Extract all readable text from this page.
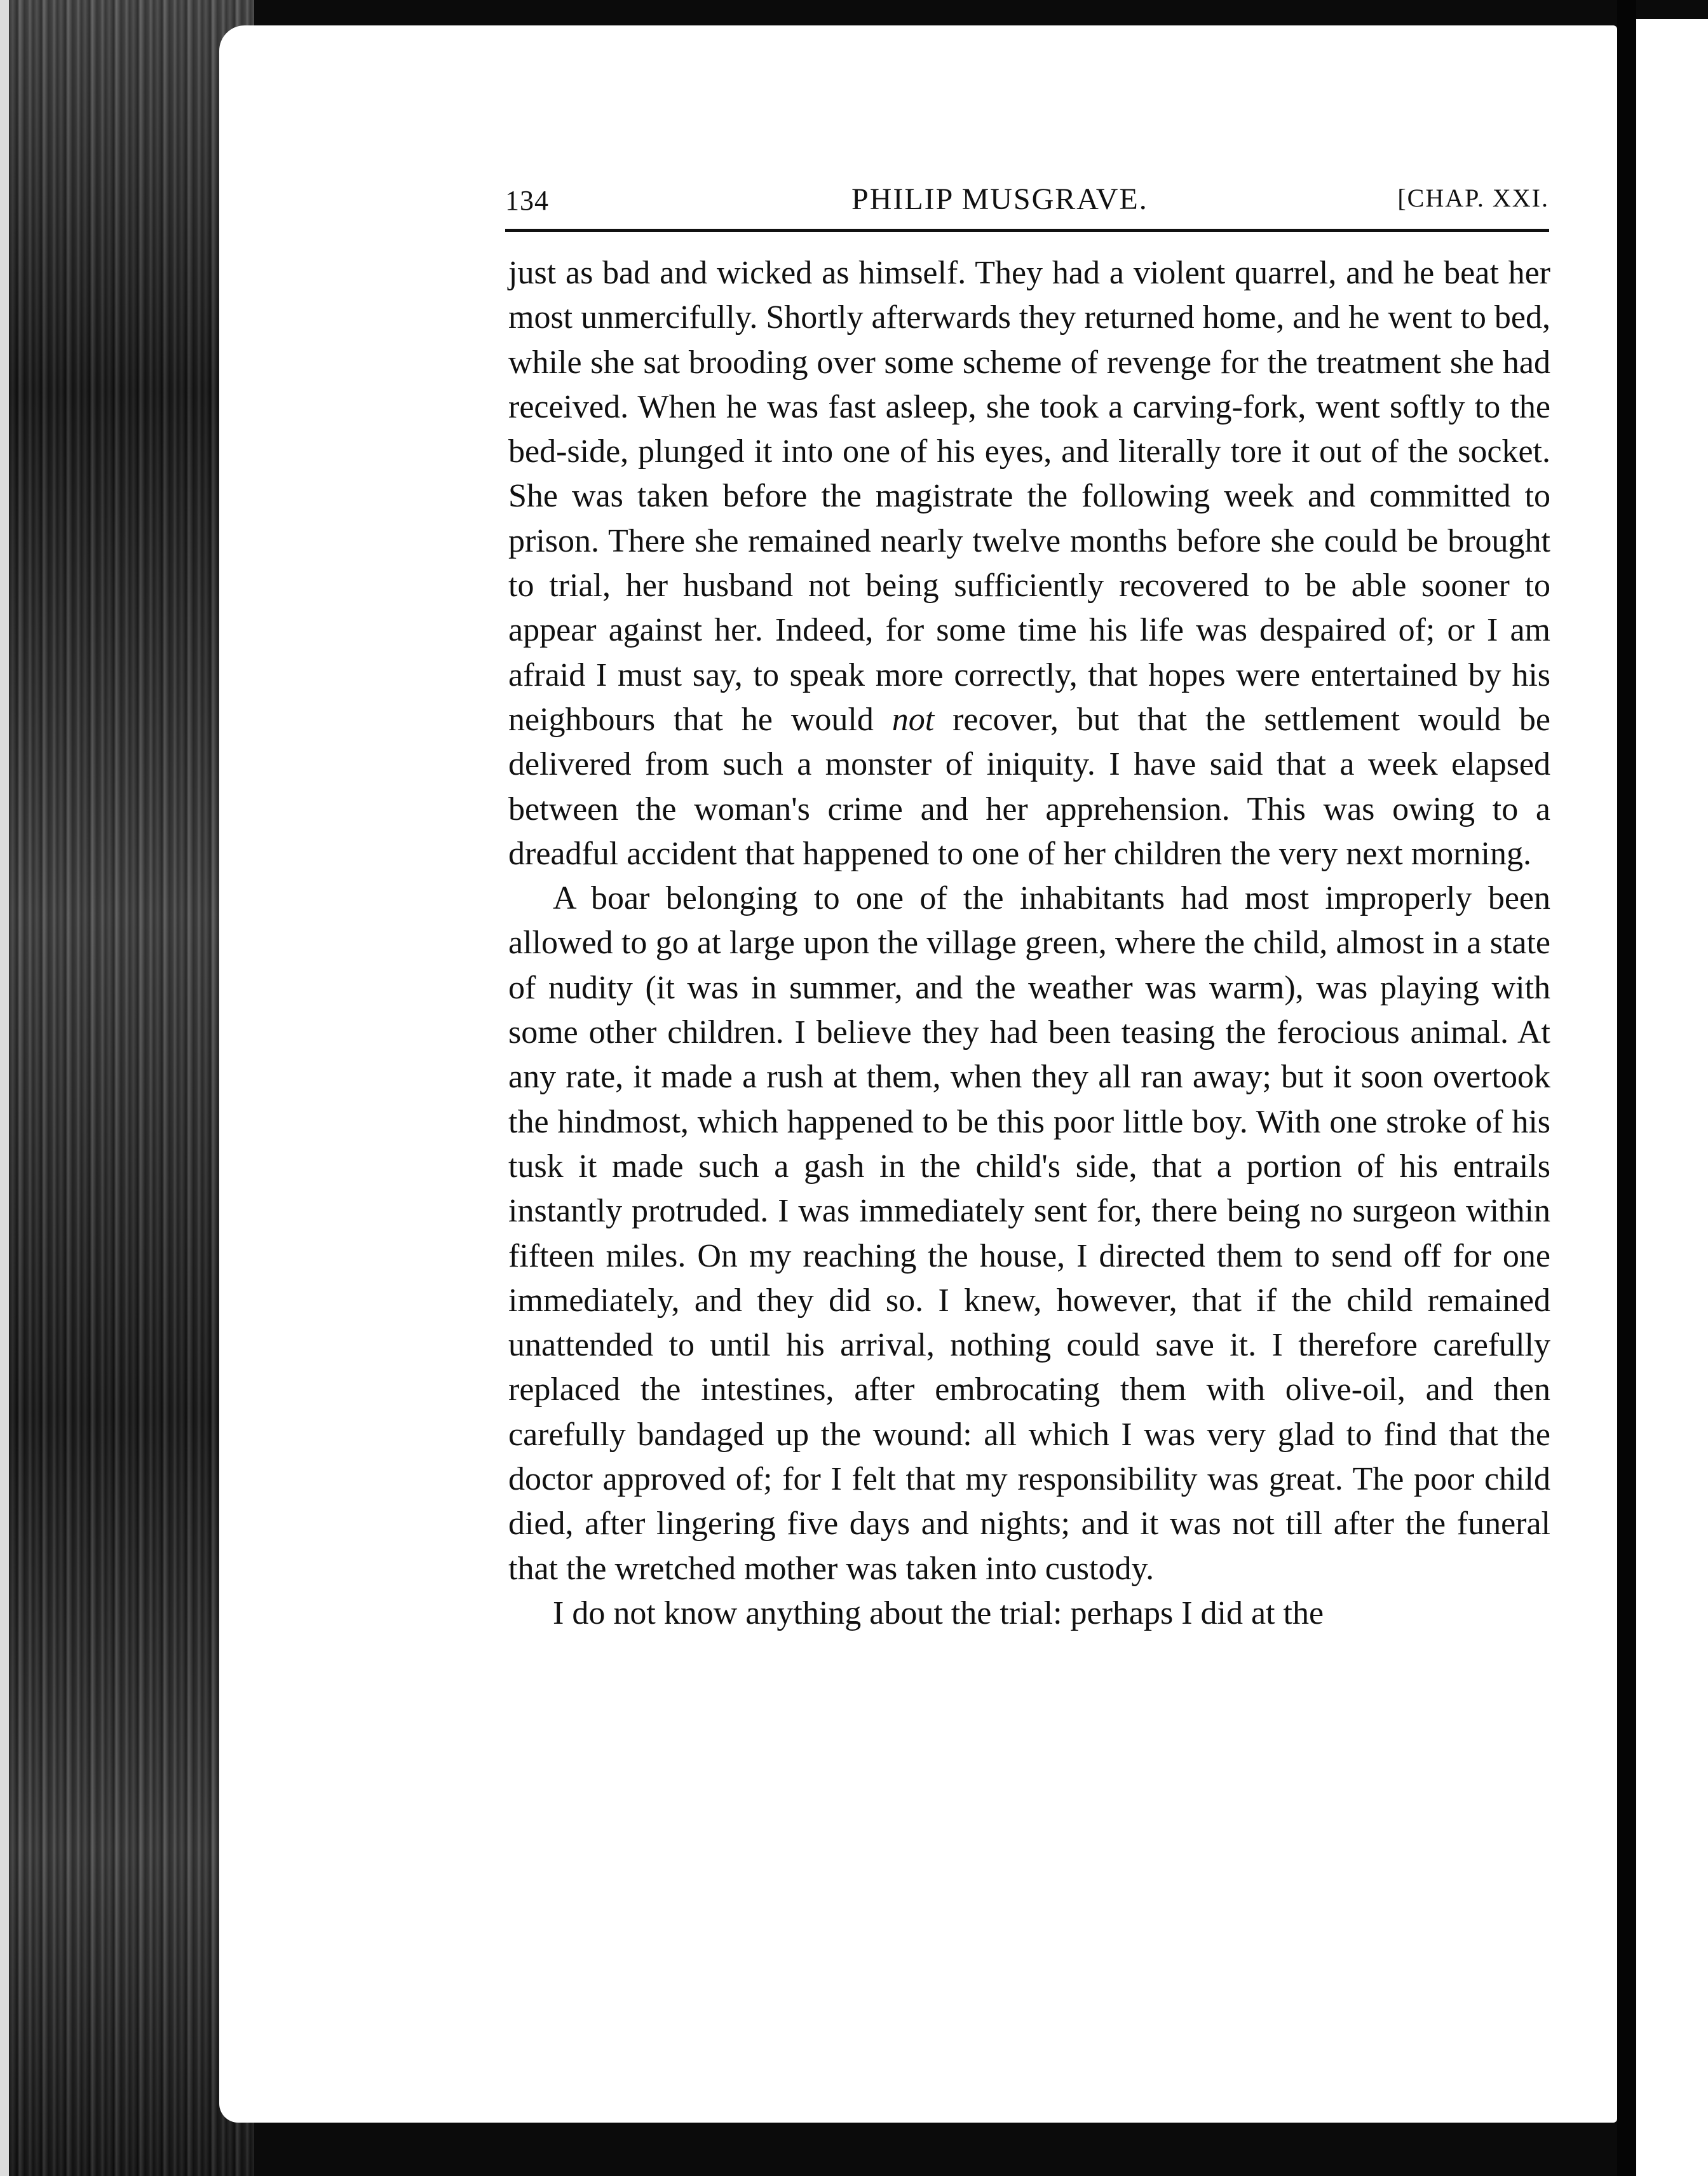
134	PHILIP MUSGRAVE.	[CHAP. XXI.

just as bad and wicked as himself. They had a violent quarrel, and he beat her most unmercifully. Shortly afterwards they returned home, and he went to bed, while she sat brooding over some scheme of revenge for the treatment she had received. When he was fast asleep, she took a carving-fork, went softly to the bed-side, plunged it into one of his eyes, and literally tore it out of the socket. She was taken before the magistrate the following week and committed to prison. There she remained nearly twelve months before she could be brought to trial, her husband not being sufficiently recovered to be able sooner to appear against her. Indeed, for some time his life was despaired of; or I am afraid I must say, to speak more correctly, that hopes were entertained by his neighbours that he would not recover, but that the settlement would be delivered from such a monster of iniquity. I have said that a week elapsed between the woman's crime and her apprehension. This was owing to a dreadful accident that happened to one of her children the very next morning.

A boar belonging to one of the inhabitants had most improperly been allowed to go at large upon the village green, where the child, almost in a state of nudity (it was in summer, and the weather was warm), was playing with some other children. I believe they had been teasing the ferocious animal. At any rate, it made a rush at them, when they all ran away; but it soon overtook the hindmost, which happened to be this poor little boy. With one stroke of his tusk it made such a gash in the child's side, that a portion of his entrails instantly protruded. I was immediately sent for, there being no surgeon within fifteen miles. On my reaching the house, I directed them to send off for one immediately, and they did so. I knew, however, that if the child remained unattended to until his arrival, nothing could save it. I therefore carefully replaced the intestines, after embrocating them with olive-oil, and then carefully bandaged up the wound: all which I was very glad to find that the doctor approved of; for I felt that my responsibility was great. The poor child died, after lingering five days and nights; and it was not till after the funeral that the wretched mother was taken into custody.

I do not know anything about the trial: perhaps I did at the
